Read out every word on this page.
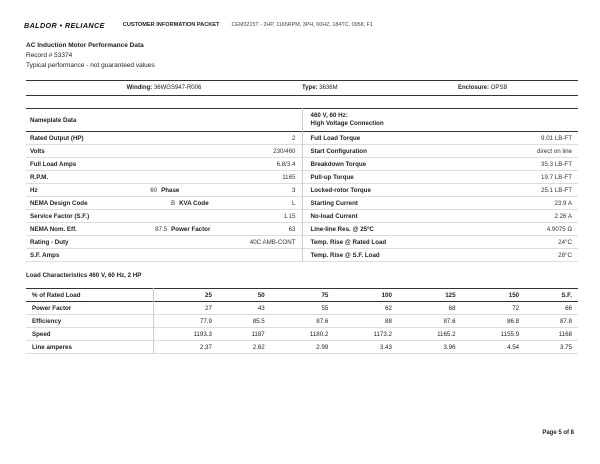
BALDOR • RELIANCE	CUSTOMER INFORMATION PACKET CEM3215T - 2HP, 1165RPM, 3PH, 60HZ, 184TC, 0958, F1
AC Induction Motor Performance Data
Record # 53374
Typical performance - not guaranteed values
Winding: 36WGS947-R006	Type: 3636M	Enclosure: OPSB
Nameplate Data
Rated Output (HP)	2
Volts	230/460
Full Load Amps	6.8/3.4
R.P.M.	1165
Hz	60 Phase	3
NEMA Design Code	B KVA Code	L
Service Factor (S.F.)	1.15
NEMA Nom. Eff.	87.5 Power Factor	63
Rating - Duty	40C AMB-CONT
S.F. Amps
460 V, 60 Hz:
High Voltage Connection
Full Load Torque	9.01 LB-FT
Start Configuration	direct on line
Breakdown Torque	35.3 LB-FT
Pull-up Torque	19.7 LB-FT
Locked-rotor Torque	25.1 LB-FT
Starting Current	23.9 A
No-load Current	2.26 A
Line-line Res. @ 25ºC	4.9075 Ω
Temp. Rise @ Rated Load	24°C
Temp. Rise @ S.F. Load	28°C
Load Characteristics 460 V, 60 Hz, 2 HP
% of Rated Load	25	50	75	100	125	150	S.F.
Power Factor	27	43	55	62	68	72	66
Efficiency	77.9	85.5	87.6	88	87.6	86.8	87.8
Speed	1193.3	1187	1180.2	1173.2	1165.2	1155.9	1168
Line amperes	2.37	2.62	2.99	3.43	3.96	4.54	3.75
Page 5 of 8
